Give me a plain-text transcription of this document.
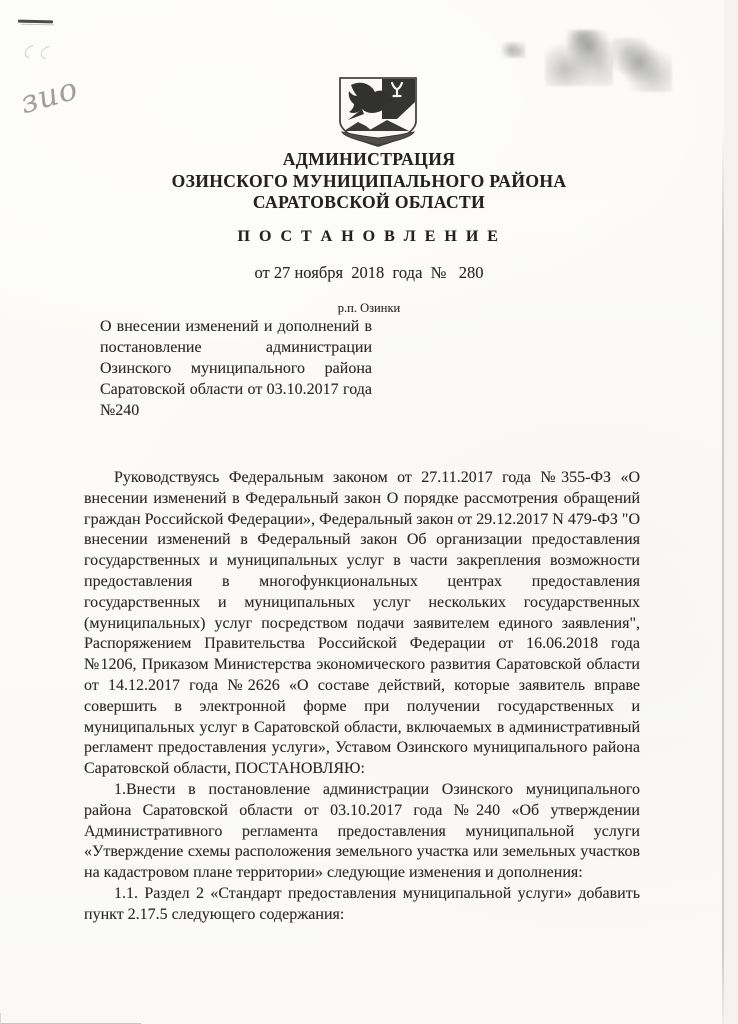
зио
АДМИНИСТРАЦИЯ
ОЗИНСКОГО МУНИЦИПАЛЬНОГО РАЙОНА
САРАТОВСКОЙ ОБЛАСТИ
П О С Т А Н О В Л Е Н И Е
от 27 ноября  2018  года  №   280
р.п. Озинки
О внесении изменений и дополнений в постановление администрации Озинского муниципального района Саратовской области от 03.10.2017 года №240

Руководствуясь Федеральным законом от 27.11.2017 года №355-ФЗ «О внесении изменений в Федеральный закон О порядке рассмотрения обращений граждан Российской Федерации», Федеральный закон от 29.12.2017 N 479-ФЗ "О внесении изменений в Федеральный закон Об организации предоставления государственных и муниципальных услуг в части закрепления возможности предоставления в многофункциональных центрах предоставления государственных и муниципальных услуг нескольких государственных (муниципальных) услуг посредством подачи заявителем единого заявления", Распоряжением Правительства Российской Федерации от 16.06.2018 года №1206, Приказом Министерства экономического развития Саратовской области от 14.12.2017 года №2626 «О составе действий, которые заявитель вправе совершить в электронной форме при получении государственных и муниципальных услуг в Саратовской области, включаемых в административный регламент предоставления услуги», Уставом Озинского муниципального района Саратовской области, ПОСТАНОВЛЯЮ:

1.Внести в постановление администрации Озинского муниципального района Саратовской области от 03.10.2017 года №240 «Об утверждении Административного регламента предоставления муниципальной услуги «Утверждение схемы расположения земельного участка или земельных участков на кадастровом плане территории» следующие изменения и дополнения:

1.1. Раздел 2 «Стандарт предоставления муниципальной услуги» добавить пункт 2.17.5 следующего содержания:
